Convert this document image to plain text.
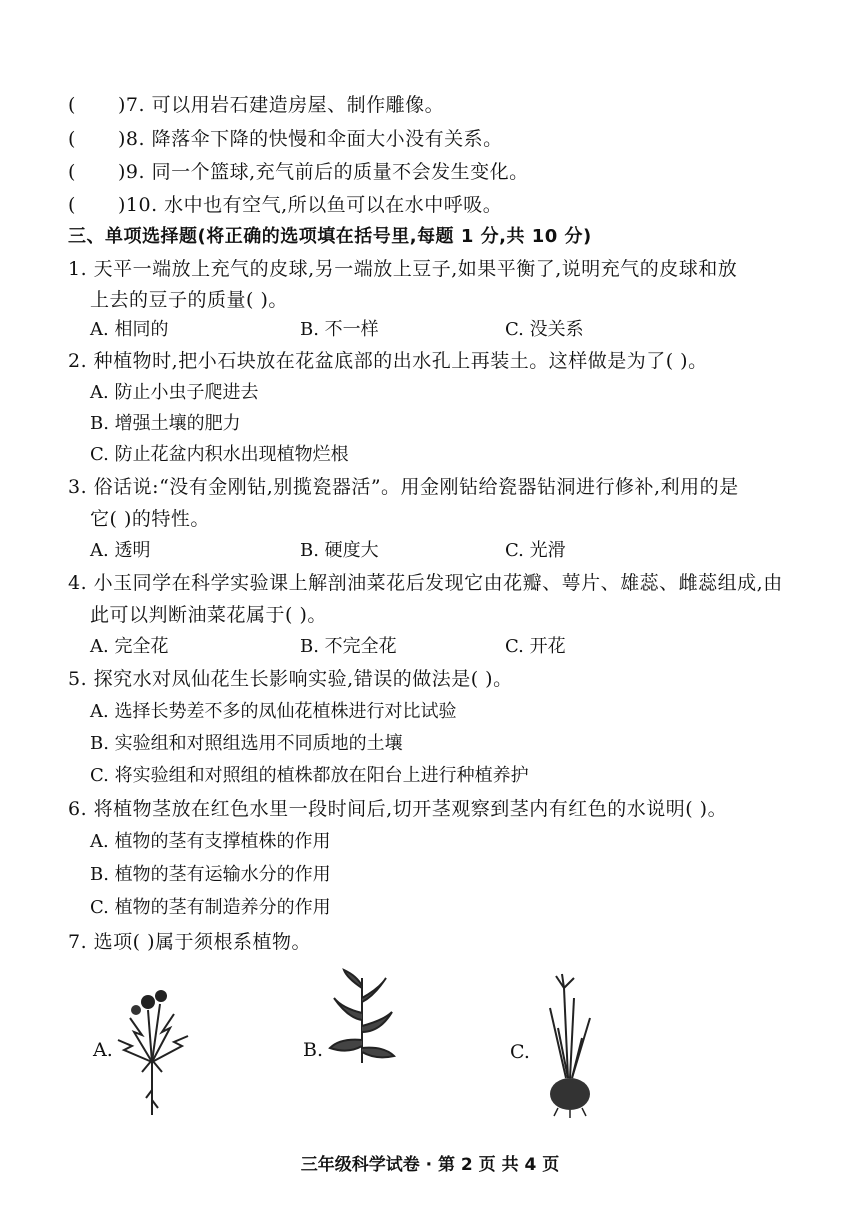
( )7. 可以用岩石建造房屋、制作雕像。
( )8. 降落伞下降的快慢和伞面大小没有关系。
( )9. 同一个篮球,充气前后的质量不会发生变化。
( )10. 水中也有空气,所以鱼可以在水中呼吸。
三、单项选择题(将正确的选项填在括号里,每题 1 分,共 10 分)
1. 天平一端放上充气的皮球,另一端放上豆子,如果平衡了,说明充气的皮球和放
上去的豆子的质量( )。
A. 相同的	B. 不一样	C. 没关系
2. 种植物时,把小石块放在花盆底部的出水孔上再装土。这样做是为了( )。
A. 防止小虫子爬进去
B. 增强土壤的肥力
C. 防止花盆内积水出现植物烂根
3. 俗话说:“没有金刚钻,别揽瓷器活”。用金刚钻给瓷器钻洞进行修补,利用的是
它( )的特性。
A. 透明	B. 硬度大	C. 光滑
4. 小玉同学在科学实验课上解剖油菜花后发现它由花瓣、萼片、雄蕊、雌蕊组成,由
此可以判断油菜花属于( )。
A. 完全花	B. 不完全花	C. 开花
5. 探究水对凤仙花生长影响实验,错误的做法是( )。
A. 选择长势差不多的凤仙花植株进行对比试验
B. 实验组和对照组选用不同质地的土壤
C. 将实验组和对照组的植株都放在阳台上进行种植养护
6. 将植物茎放在红色水里一段时间后,切开茎观察到茎内有红色的水说明( )。
A. 植物的茎有支撑植株的作用
B. 植物的茎有运输水分的作用
C. 植物的茎有制造养分的作用
7. 选项( )属于须根系植物。
A.	B.	C.
三年级科学试卷 · 第 2 页 共 4 页
